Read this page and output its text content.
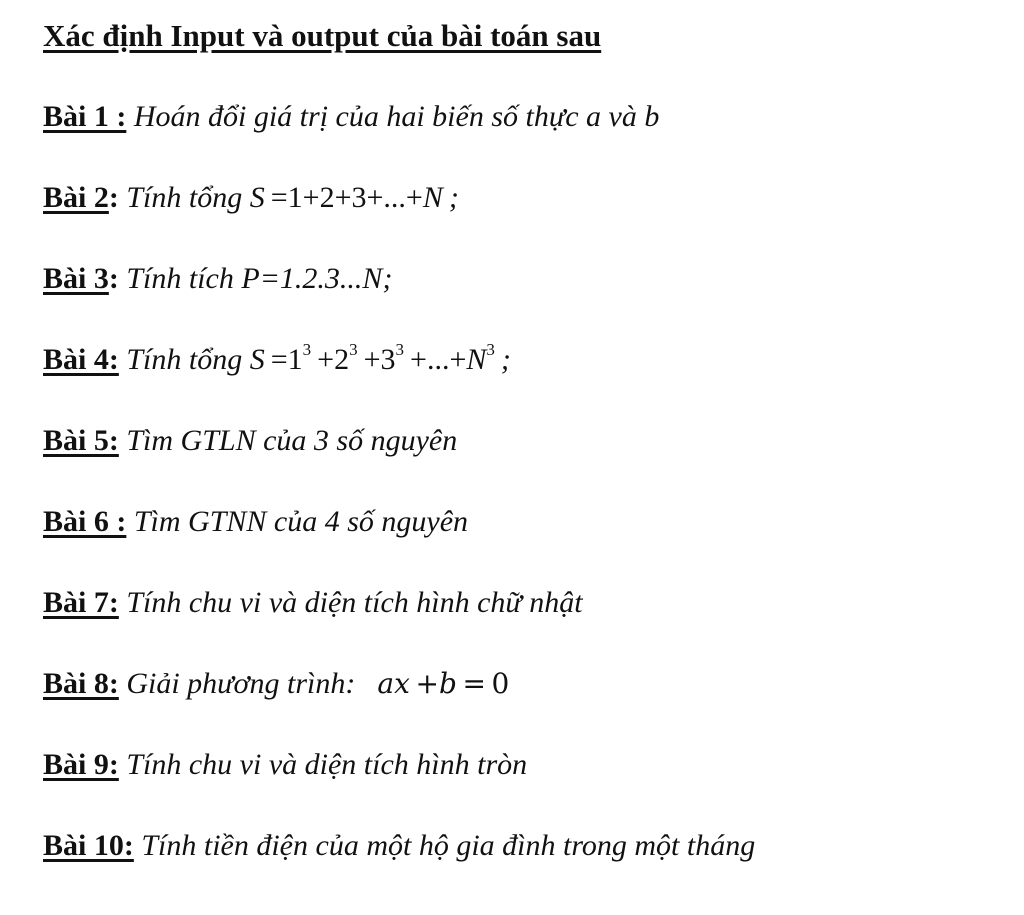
Xác định Input và output của bài toán sau
Bài 1 : Hoán đổi giá trị của hai biến số thực a và b
Bài 2: Tính tổng S  =1+2+3+...+N  ;
Bài 3: Tính tích P=1.2.3...N;
Bài 4: Tính tổng $S =1^3 +2^3 +3^3 +...+N^3$  ;
Bài 5: Tìm GTLN của 3 số nguyên
Bài 6 : Tìm GTNN của 4 số nguyên
Bài 7: Tính chu vi và diện tích hình chữ nhật
Bài 8: Giải phương trình: ax  +b  =  0
Bài 9: Tính chu vi và diện tích hình tròn
Bài 10: Tính tiền điện của một hộ gia đình trong một tháng
